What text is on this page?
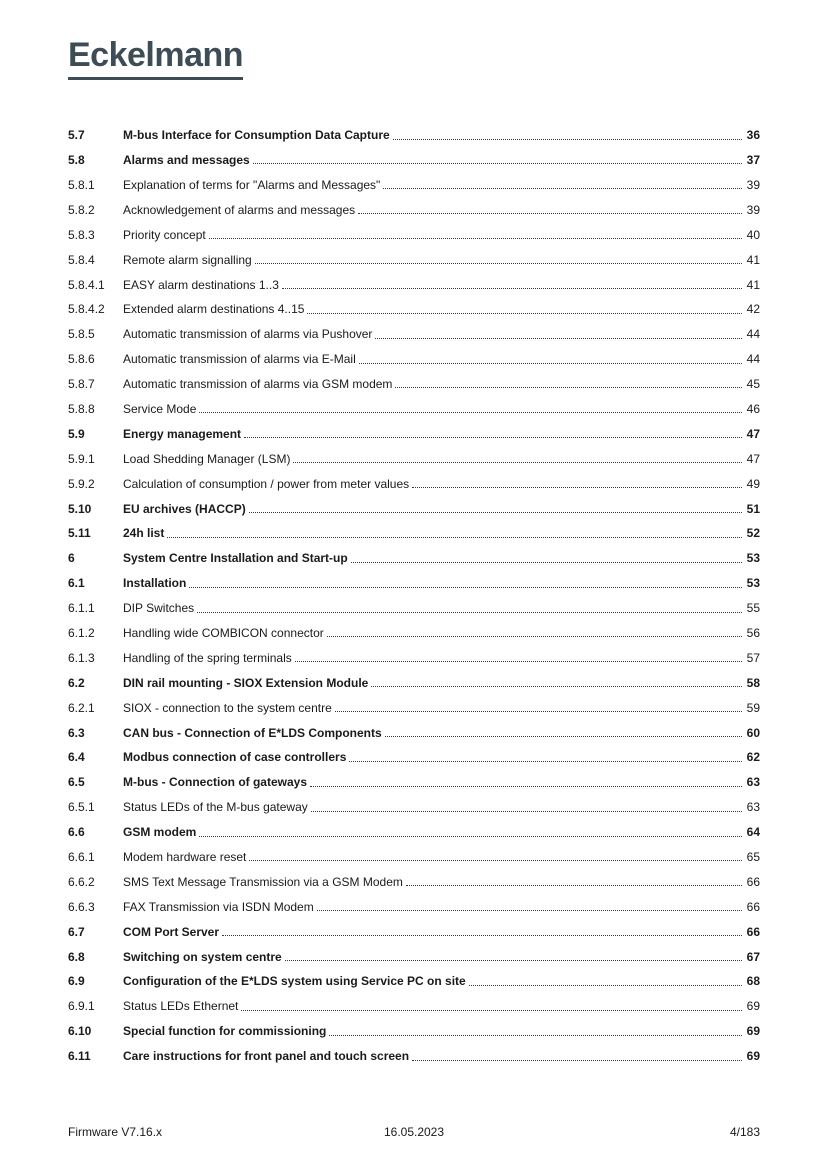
Eckelmann
5.7	M-bus Interface for Consumption Data Capture	36
5.8	Alarms and messages	37
5.8.1	Explanation of terms for "Alarms and Messages"	39
5.8.2	Acknowledgement of alarms and messages	39
5.8.3	Priority concept	40
5.8.4	Remote alarm signalling	41
5.8.4.1	EASY alarm destinations 1..3	41
5.8.4.2	Extended alarm destinations 4..15	42
5.8.5	Automatic transmission of alarms via Pushover	44
5.8.6	Automatic transmission of alarms via E-Mail	44
5.8.7	Automatic transmission of alarms via GSM modem	45
5.8.8	Service Mode	46
5.9	Energy management	47
5.9.1	Load Shedding Manager (LSM)	47
5.9.2	Calculation of consumption / power from meter values	49
5.10	EU archives (HACCP)	51
5.11	24h list	52
6	System Centre Installation and Start-up	53
6.1	Installation	53
6.1.1	DIP Switches	55
6.1.2	Handling wide COMBICON connector	56
6.1.3	Handling of the spring terminals	57
6.2	DIN rail mounting - SIOX Extension Module	58
6.2.1	SIOX - connection to the system centre	59
6.3	CAN bus - Connection of E*LDS Components	60
6.4	Modbus connection of case controllers	62
6.5	M-bus - Connection of gateways	63
6.5.1	Status LEDs of the M-bus gateway	63
6.6	GSM modem	64
6.6.1	Modem hardware reset	65
6.6.2	SMS Text Message Transmission via a GSM Modem	66
6.6.3	FAX Transmission via ISDN Modem	66
6.7	COM Port Server	66
6.8	Switching on system centre	67
6.9	Configuration of the E*LDS system using Service PC on site	68
6.9.1	Status LEDs Ethernet	69
6.10	Special function for commissioning	69
6.11	Care instructions for front panel and touch screen	69
Firmware V7.16.x	16.05.2023	4/183
